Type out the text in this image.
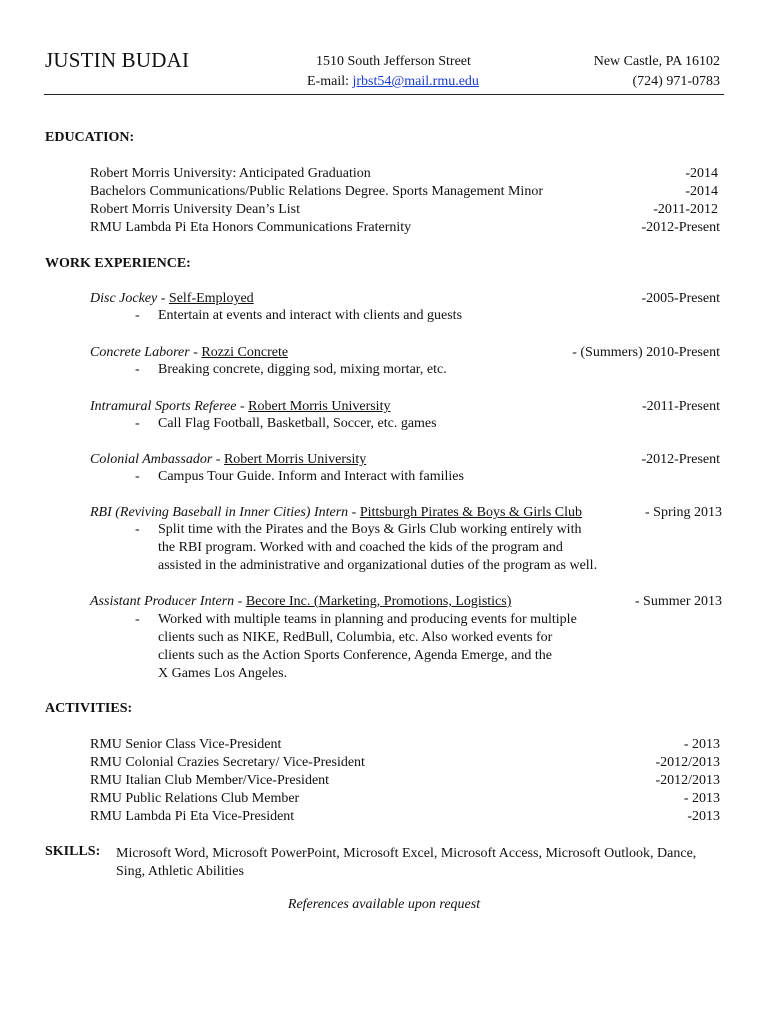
JUSTIN BUDAI	1510 South Jefferson Street
E-mail: jrbst54@mail.rmu.edu
New Castle, PA 16102
(724) 971-0783
EDUCATION:
Robert Morris University: Anticipated Graduation	-2014
Bachelors Communications/Public Relations Degree. Sports Management Minor	-2014
Robert Morris University Dean’s List	-2011-2012
RMU Lambda Pi Eta Honors Communications Fraternity	-2012-Present
WORK EXPERIENCE:
Disc Jockey - Self-Employed	-2005-Present
- Entertain at events and interact with clients and guests
Concrete Laborer - Rozzi Concrete	- (Summers) 2010-Present
- Breaking concrete, digging sod, mixing mortar, etc.
Intramural Sports Referee - Robert Morris University	-2011-Present
- Call Flag Football, Basketball, Soccer, etc. games
Colonial Ambassador - Robert Morris University	-2012-Present
- Campus Tour Guide. Inform and Interact with families
RBI (Reviving Baseball in Inner Cities) Intern - Pittsburgh Pirates & Boys & Girls Club	- Spring 2013
- Split time with the Pirates and the Boys & Girls Club working entirely with
the RBI program. Worked with and coached the kids of the program and
assisted in the administrative and organizational duties of the program as well.
Assistant Producer Intern - Becore Inc. (Marketing, Promotions, Logistics)	- Summer 2013
- Worked with multiple teams in planning and producing events for multiple
clients such as NIKE, RedBull, Columbia, etc. Also worked events for
clients such as the Action Sports Conference, Agenda Emerge, and the
X Games Los Angeles.
ACTIVITIES:
RMU Senior Class Vice-President	- 2013
RMU Colonial Crazies Secretary/ Vice-President	-2012/2013
RMU Italian Club Member/Vice-President	-2012/2013
RMU Public Relations Club Member	- 2013
RMU Lambda Pi Eta Vice-President	-2013
SKILLS: Microsoft Word, Microsoft PowerPoint, Microsoft Excel, Microsoft Access, Microsoft Outlook, Dance, Sing, Athletic Abilities
References available upon request
